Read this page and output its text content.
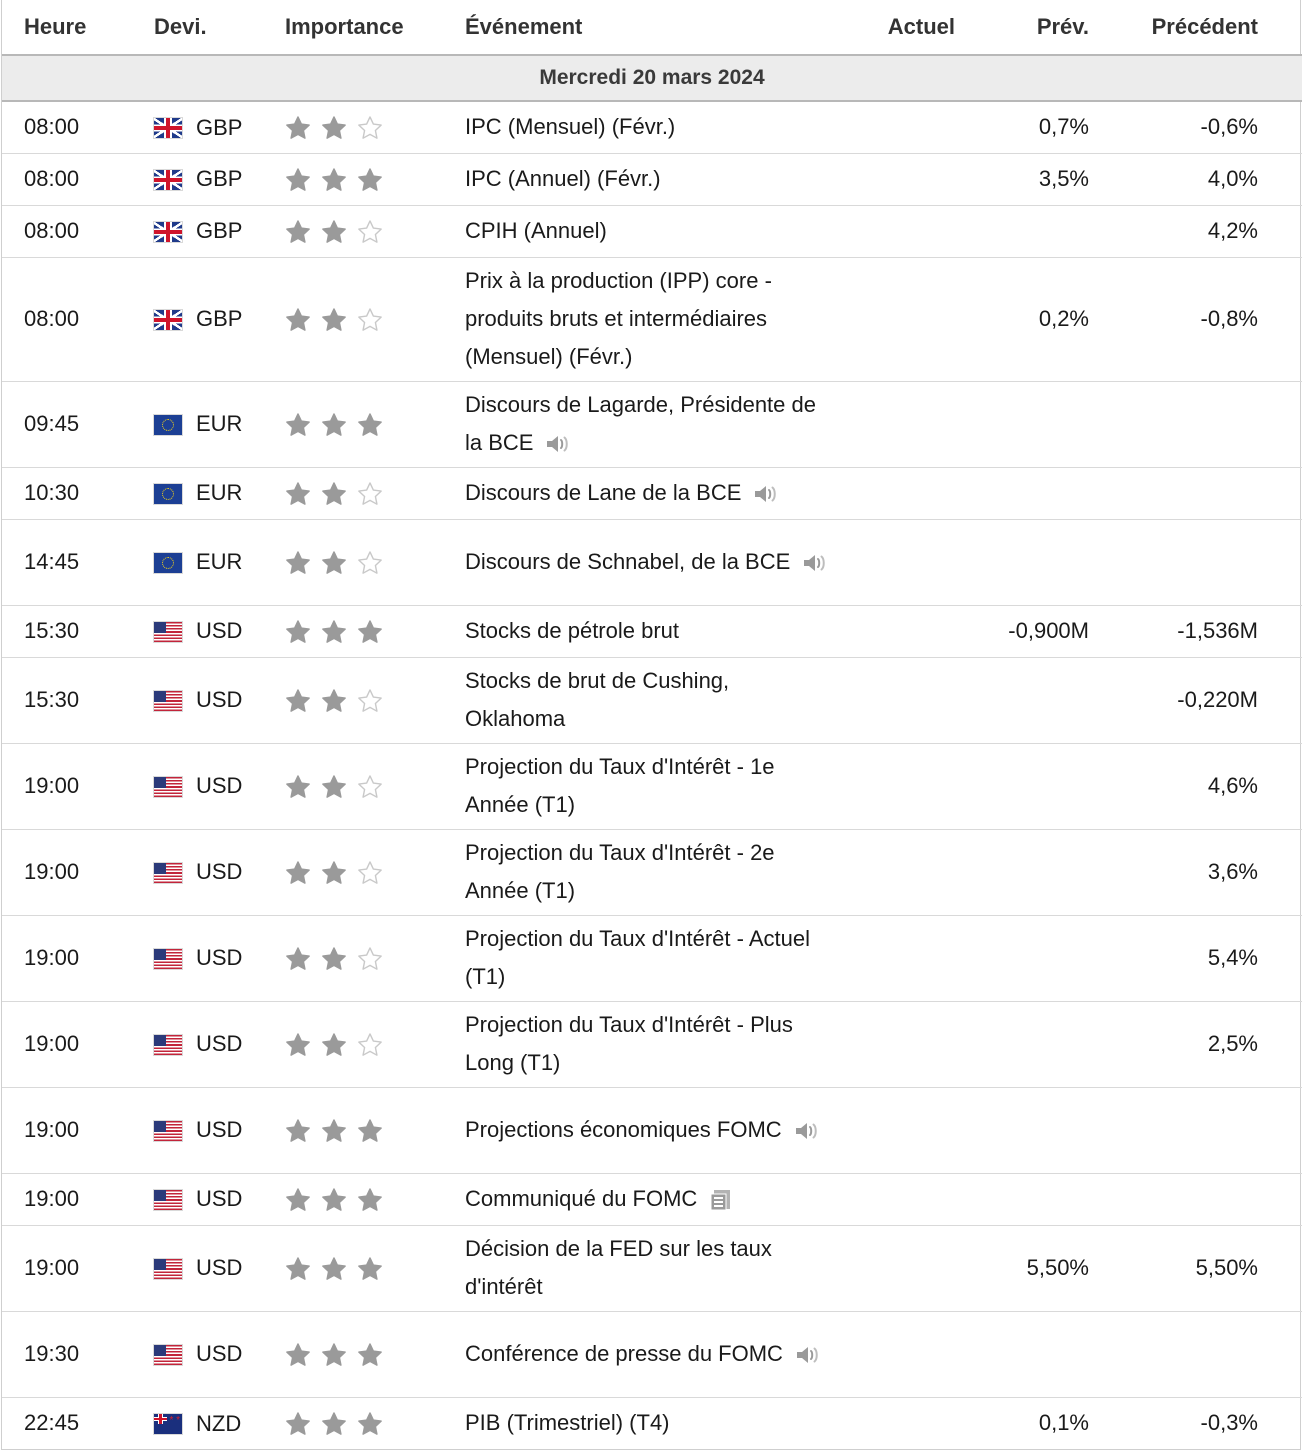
Heure	Devi.	Importance	Événement	Actuel	Prév.	Précédent	
Mercredi 20 mars 2024							
08:00	GBP		IPC (Mensuel) (Févr.)		0,7%	-0,6%	
08:00	GBP		IPC (Annuel) (Févr.)		3,5%	4,0%	
08:00	GBP		CPIH (Annuel)			4,2%	
08:00	GBP		Prix à la production (IPP) core - produits bruts et intermédiaires (Mensuel) (Févr.)		0,2%	-0,8%	
09:45	EUR		Discours de Lagarde, Présidente de la BCE

10:30	EUR		Discours de Lane de la BCE

14:45	EUR		Discours de Schnabel, de la BCE

15:30	USD		Stocks de pétrole brut		-0,900M	-1,536M	
15:30	USD		Stocks de brut de Cushing, Oklahoma			-0,220M	
19:00	USD		Projection du Taux d'Intérêt - 1e Année (T1)			4,6%	
19:00	USD		Projection du Taux d'Intérêt - 2e Année (T1)			3,6%	
19:00	USD		Projection du Taux d'Intérêt - Actuel (T1)			5,4%	
19:00	USD		Projection du Taux d'Intérêt - Plus Long (T1)			2,5%	
19:00	USD		Projections économiques FOMC

19:00	USD		Communiqué du FOMC

19:00	USD		Décision de la FED sur les taux d'intérêt		5,50%	5,50%	
19:30	USD		Conférence de presse du FOMC

22:45	* *NZD		PIB (Trimestriel) (T4)		0,1%	-0,3%	
